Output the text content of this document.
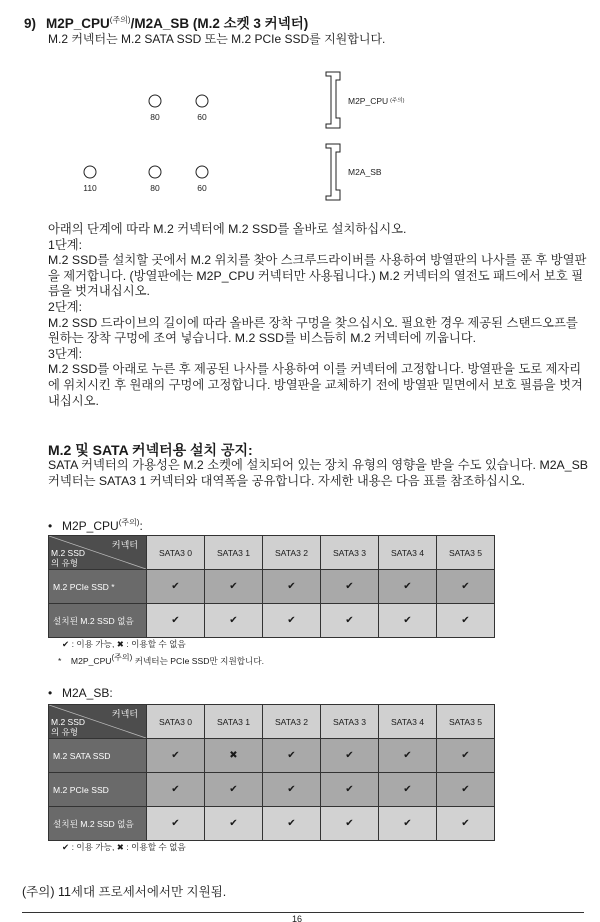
9) $M2P\_CPU^{(주의)}/M2A\_SB$ (M.2 소켓 3 커넥터)
M.2 커넥터는 M.2 SATA SSD 또는 M.2 PCIe SSD를 지원합니다.
80	60
110	80	60
M2P_CPU $^{(주의)}$
M2A_SB

아래의 단계에 따라 M.2 커넥터에 M.2 SSD를 올바로 설치하십시오.

1단계:

M.2 SSD를 설치할 곳에서 M.2 위치를 찾아 스크루드라이버를 사용하여 방열판의 나사를 푼 후 방열판을 제거합니다. (방열판에는 M2P_CPU 커넥터만 사용됩니다.) M.2 커넥터의 열전도 패드에서 보호 필름을 벗겨내십시오.

2단계:

M.2 SSD 드라이브의 길이에 따라 올바른 장착 구멍을 찾으십시오. 필요한 경우 제공된 스탠드오프를 원하는 장착 구멍에 조여 넣습니다. M.2 SSD를 비스듬히 M.2 커넥터에 끼웁니다.

3단계:

M.2 SSD를 아래로 누른 후 제공된 나사를 사용하여 이를 커넥터에 고정합니다. 방열판을 도로 제자리에 위치시킨 후 원래의 구멍에 고정합니다. 방열판을 교체하기 전에 방열판 밑면에서 보호 필름을 벗겨내십시오.

M.2 및 SATA 커넥터용 설치 공지:

SATA 커넥터의 가용성은 M.2 소켓에 설치되어 있는 장치 유형의 영향을 받을 수도 있습니다. M2A_SB 커넥터는 SATA3 1 커넥터와 대역폭을 공유합니다. 자세한 내용은 다음 표를 참조하십시오.

• $M2P\_CPU^{(주의)}$:
커넥터
M.2 SSD
의 유형	SATA3 0	SATA3 1	SATA3 2	SATA3 3	SATA3 4	SATA3 5
M.2 PCIe SSD *	✔	✔	✔	✔	✔	✔
설치된 M.2 SSD 없음	✔	✔	✔	✔	✔	✔
✔ : 이용 가능, ✖ : 이용할 수 없음
* M2P_CPU(주의) 커넥터는 PCIe SSD만 지원합니다.
• M2A_SB:
커넥터
M.2 SSD
의 유형	SATA3 0	SATA3 1	SATA3 2	SATA3 3	SATA3 4	SATA3 5
M.2 SATA SSD	✔	✖	✔	✔	✔	✔
M.2 PCIe SSD	✔	✔	✔	✔	✔	✔
설치된 M.2 SSD 없음	✔	✔	✔	✔	✔	✔
✔ : 이용 가능, ✖ : 이용할 수 없음
(주의) 11세대 프로세서에서만 지원됨.
16
